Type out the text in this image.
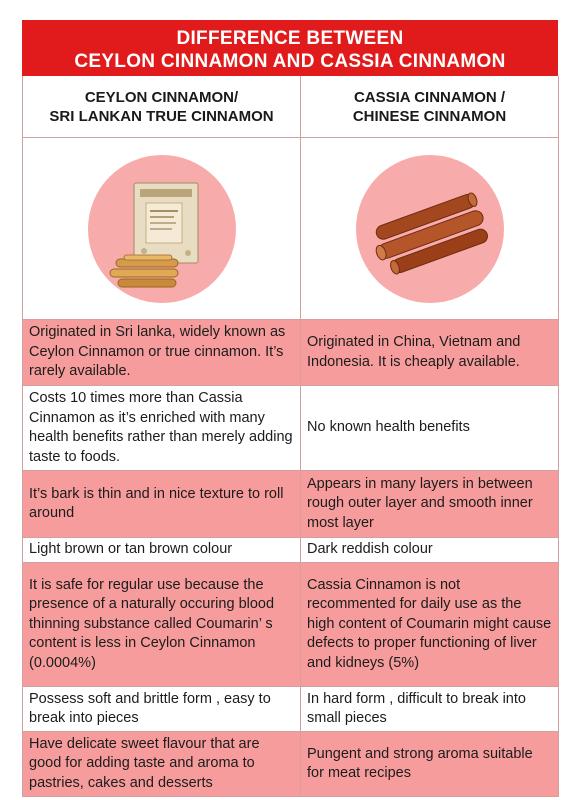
DIFFERENCE BETWEEN
CEYLON CINNAMON AND CASSIA CINNAMON
CEYLON CINNAMON/
SRI LANKAN TRUE CINNAMON
CASSIA CINNAMON /
CHINESE CINNAMON
Originated in Sri lanka, widely known as Ceylon Cinnamon or true cinnamon. It’s rarely available.
Originated in China, Vietnam and Indonesia. It is cheaply available.
Costs 10 times more than Cassia Cinnamon as it’s enriched with many health benefits rather than merely adding taste to foods.
No known health benefits
It’s bark is thin and in nice texture to roll around
Appears in many layers in between rough outer layer and smooth inner most layer
Light brown or tan brown colour	Dark reddish colour
It is safe for regular use because the presence of a naturally occuring blood thinning substance called Coumarin’ s content is less in Ceylon Cinnamon (0.0004%)
Cassia Cinnamon is not recommented for daily use as the high content of Coumarin might cause defects to proper functioning of liver and kidneys (5%)
Possess soft and brittle form , easy to break into pieces
In hard form , difficult to break into small pieces
Have delicate sweet flavour that are good for adding taste and aroma to pastries, cakes and desserts
Pungent and strong aroma suitable for meat recipes
